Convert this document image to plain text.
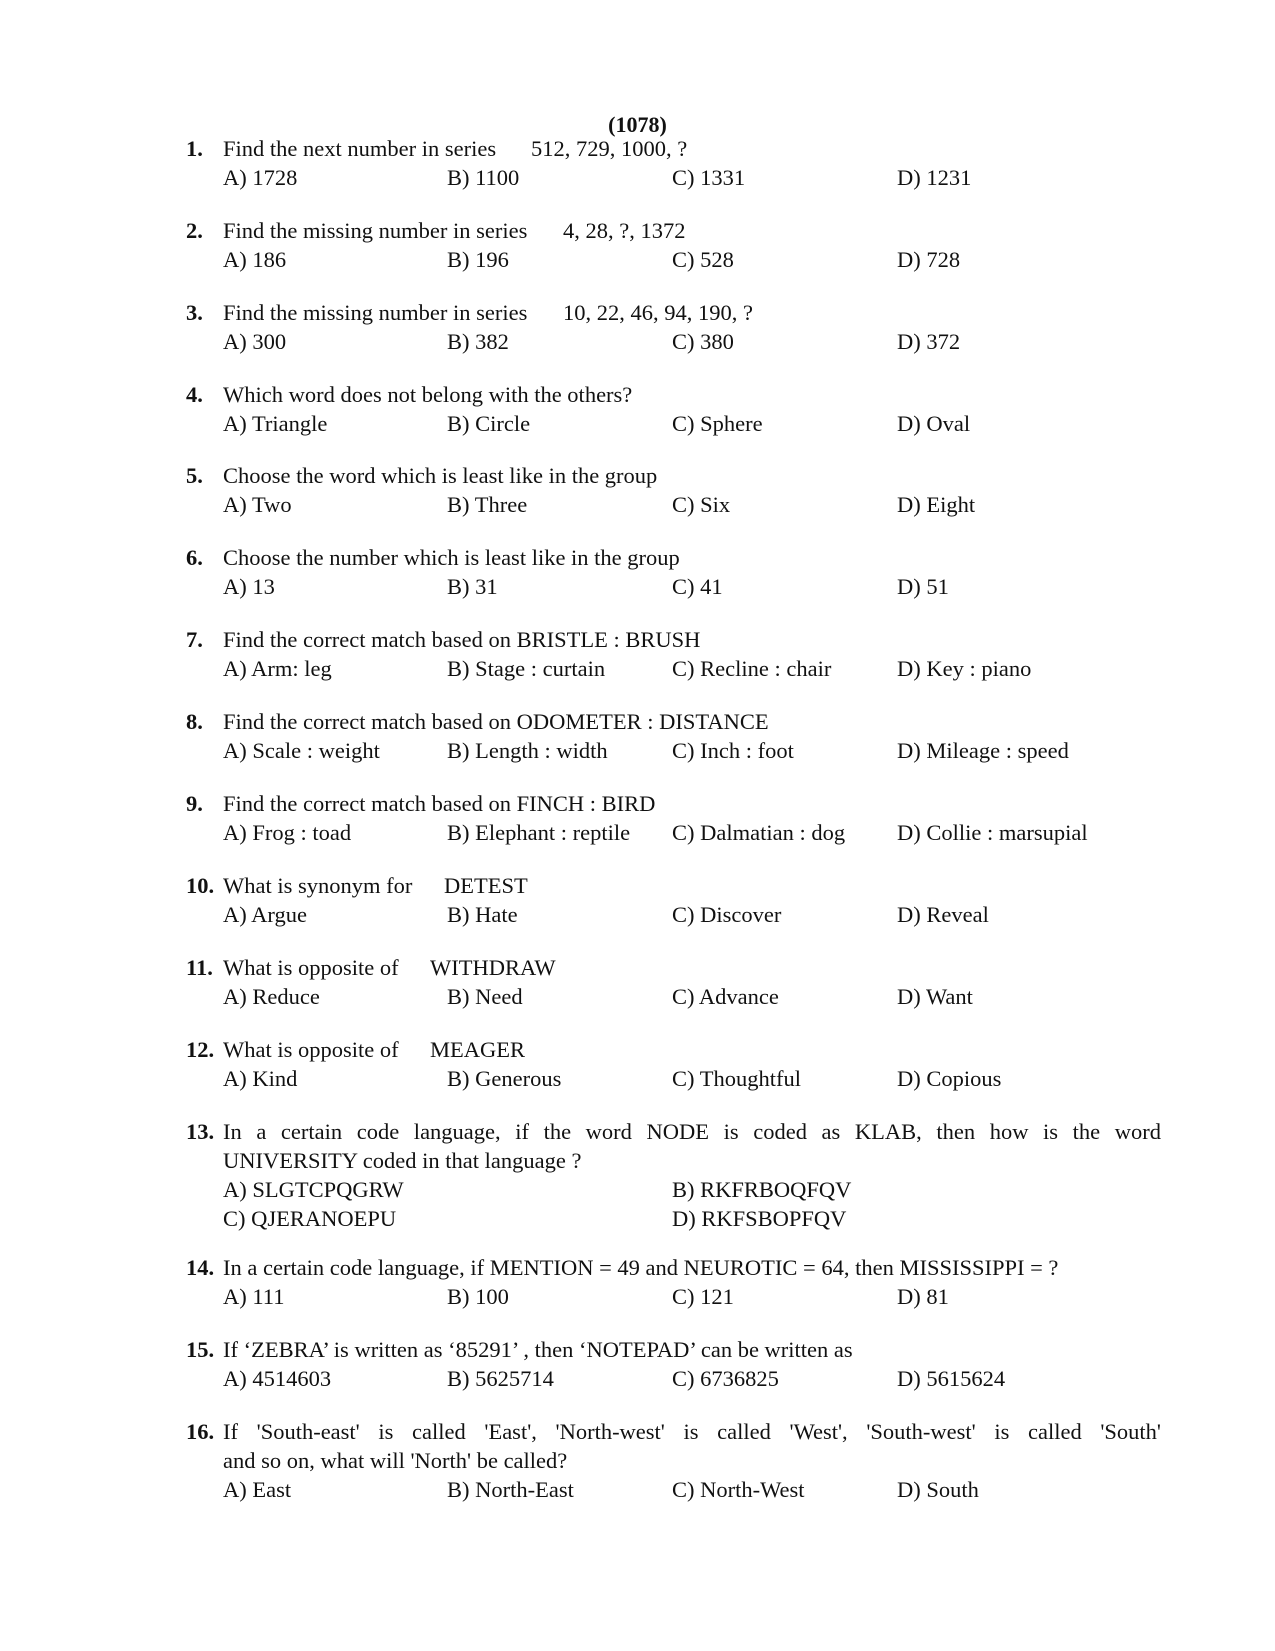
(1078)
1. Find the next number in series 512, 729, 1000, ?
A) 1728	B) 1100	C) 1331	D) 1231
2. Find the missing number in series 4, 28, ?, 1372
A) 186	B) 196	C) 528	D) 728
3. Find the missing number in series 10, 22, 46, 94, 190, ?
A) 300	B) 382	C) 380	D) 372
4. Which word does not belong with the others?
A) Triangle	B) Circle	C) Sphere	D) Oval
5. Choose the word which is least like in the group
A) Two	B) Three	C) Six	D) Eight
6. Choose the number which is least like in the group
A) 13	B) 31	C) 41	D) 51
7. Find the correct match based on BRISTLE : BRUSH
A) Arm: leg	B) Stage : curtain	C) Recline : chair	D) Key : piano
8. Find the correct match based on ODOMETER : DISTANCE
A) Scale : weight	B) Length : width	C) Inch : foot	D) Mileage : speed
9. Find the correct match based on FINCH : BIRD
A) Frog : toad	B) Elephant : reptile C) Dalmatian : dog D) Collie : marsupial
10. What is synonym for DETEST
A) Argue	B) Hate	C) Discover	D) Reveal
11. What is opposite of WITHDRAW
A) Reduce	B) Need	C) Advance	D) Want
12. What is opposite of MEAGER
A) Kind	B) Generous	C) Thoughtful	D) Copious
13. In a certain code language, if the word NODE is coded as KLAB, then how is the word
UNIVERSITY coded in that language ?
A) SLGTCPQGRW	B) RKFRBOQFQV
C) QJERANOEPU	D) RKFSBOPFQV
14. In a certain code language, if MENTION = 49 and NEUROTIC = 64, then MISSISSIPPI = ?
A) 111	B) 100	C) 121	D) 81
15. If ‘ZEBRA’ is written as ‘85291’ , then ‘NOTEPAD’ can be written as
A) 4514603	B) 5625714	C) 6736825	D) 5615624
16. If 'South-east' is called 'East', 'North-west' is called 'West', 'South-west' is called 'South'
and so on, what will 'North' be called?
A) East	B) North-East	C) North-West	D) South
